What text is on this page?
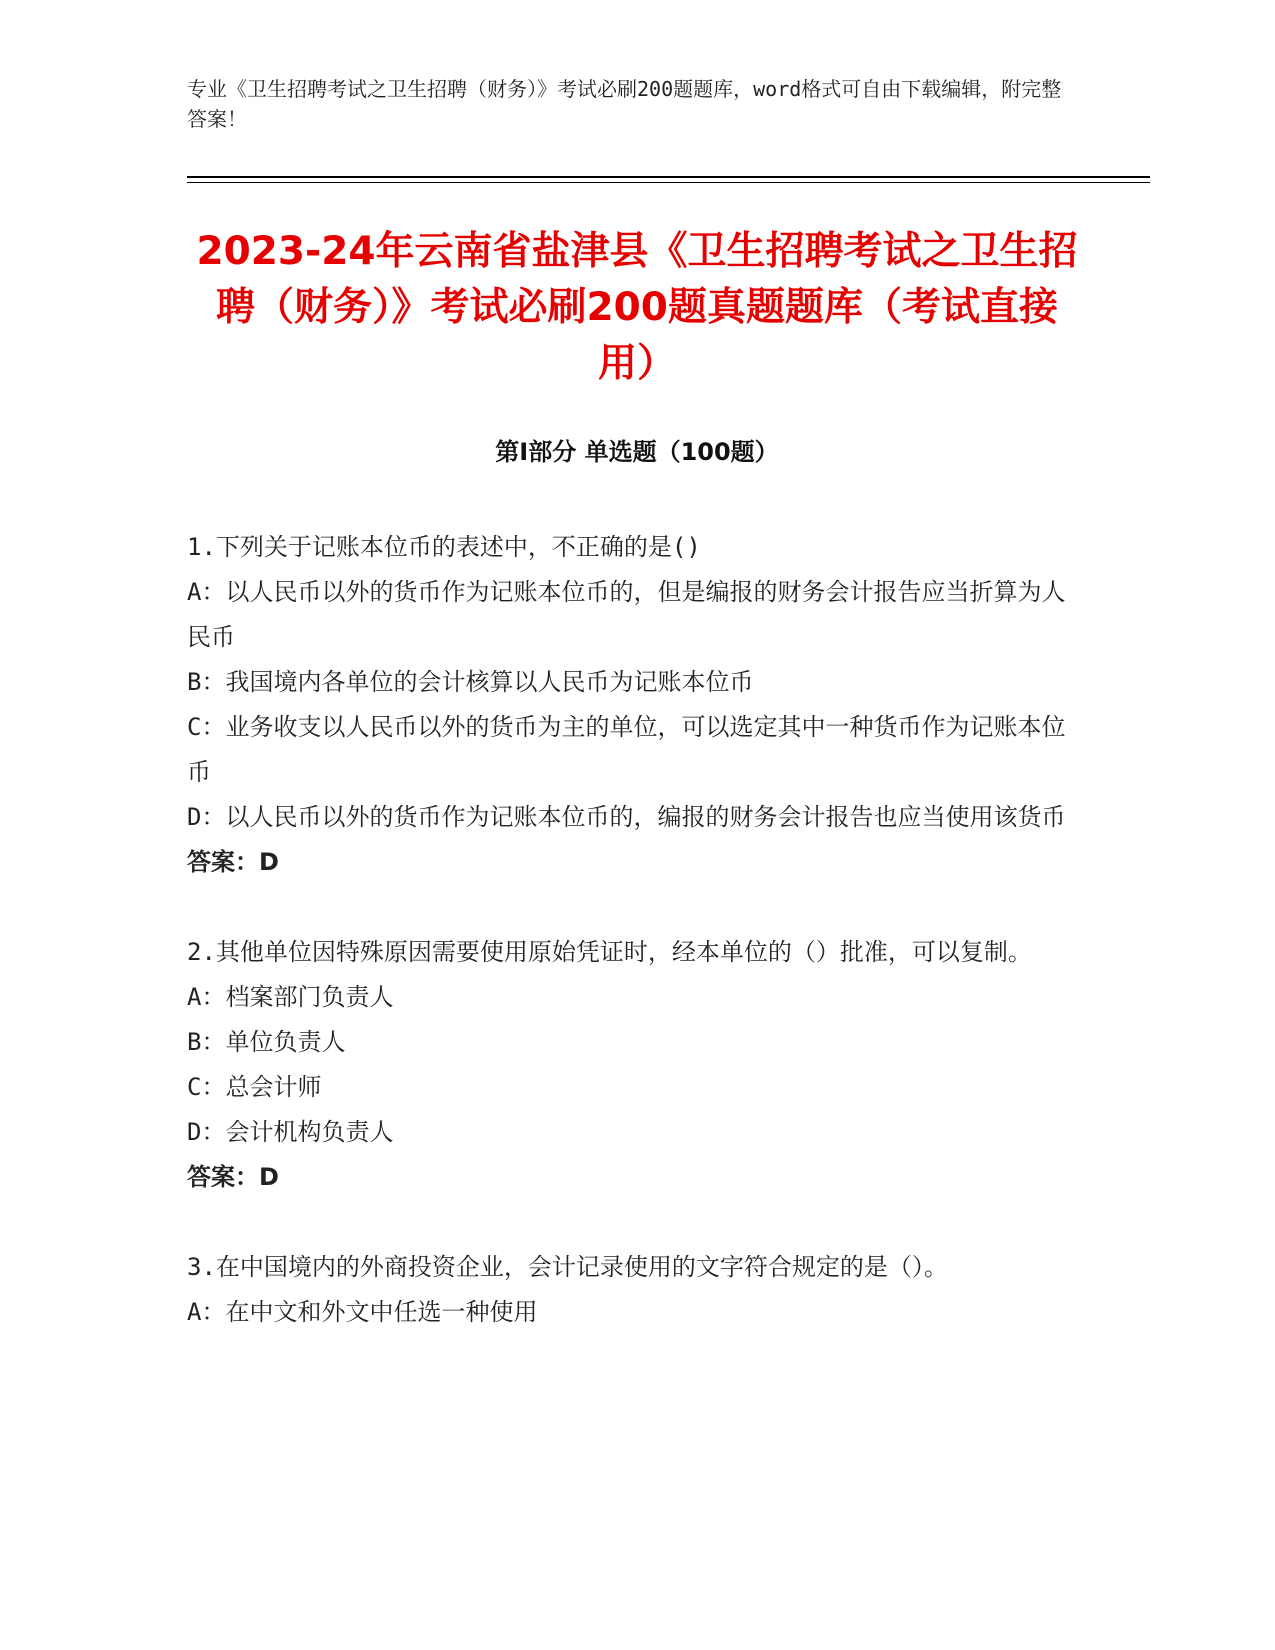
专业《卫生招聘考试之卫生招聘（财务）》考试必刷200题题库，word格式可自由下载编辑，附完整答案！

2023-24年云南省盐津县《卫生招聘考试之卫生招聘（财务）》考试必刷200题真题题库（考试直接用）
第I部分 单选题（100题）

1.下列关于记账本位币的表述中，不正确的是()

A：以人民币以外的货币作为记账本位币的，但是编报的财务会计报告应当折算为人民币

B：我国境内各单位的会计核算以人民币为记账本位币

C：业务收支以人民币以外的货币为主的单位，可以选定其中一种货币作为记账本位币

D：以人民币以外的货币作为记账本位币的，编报的财务会计报告也应当使用该货币

答案：D

2.其他单位因特殊原因需要使用原始凭证时，经本单位的（）批准，可以复制。

A：档案部门负责人

B：单位负责人

C：总会计师

D：会计机构负责人

答案：D

3.在中国境内的外商投资企业，会计记录使用的文字符合规定的是（）。

A：在中文和外文中任选一种使用
